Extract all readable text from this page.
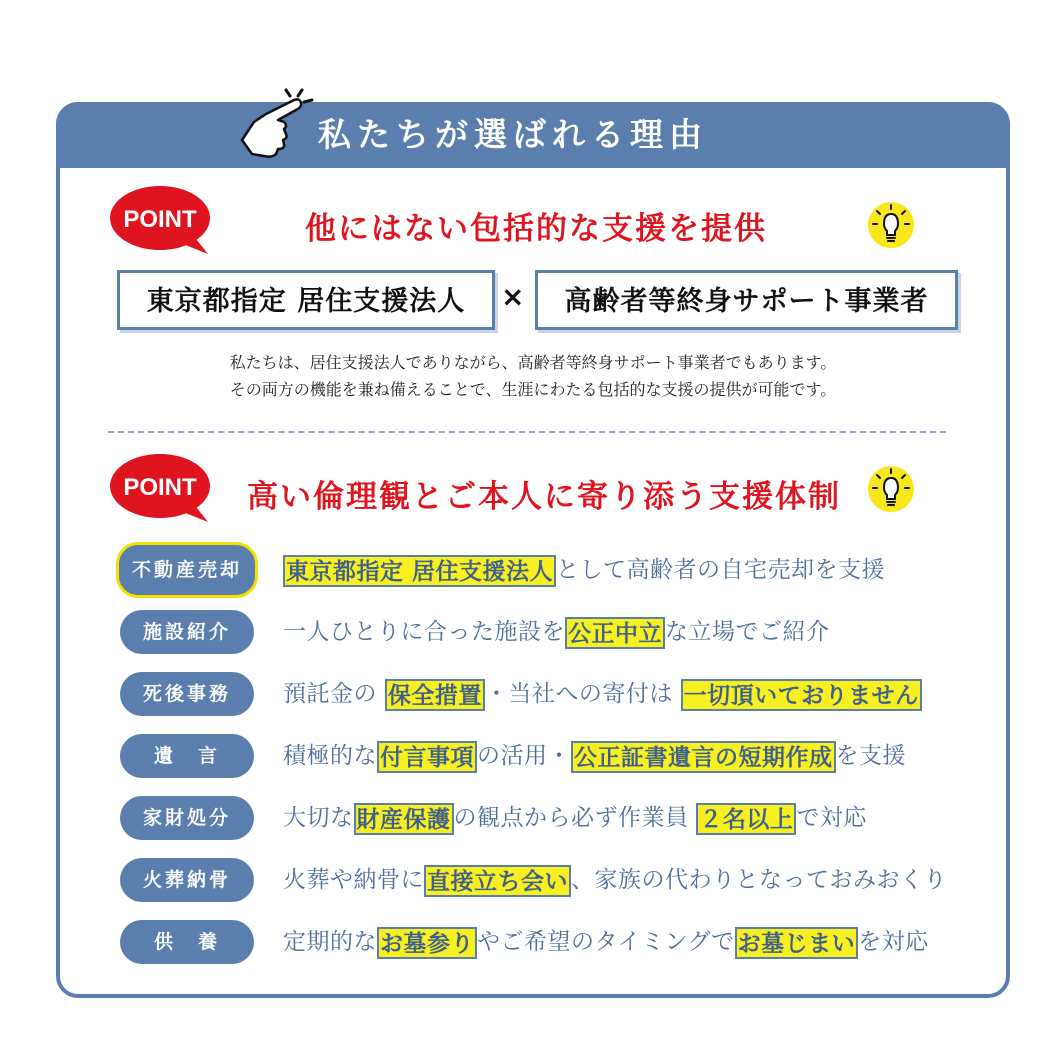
私たちが選ばれる理由
POINT	他にはない包括的な支援を提供
東京都指定 居住支援法人	×	高齢者等終身サポート事業者
私たちは、居住支援法人でありながら、高齢者等終身サポート事業者でもあります。
その両方の機能を兼ね備えることで、生涯にわたる包括的な支援の提供が可能です。
POINT 高い倫理観とご本人に寄り添う支援体制
不動産売却	東京都指定 居住支援法人 として高齢者の自宅売却を支援
施設紹介	一人ひとりに合った施設を 公正中立 な立場でご紹介
死後事務	預託金の 保全措置 ・当社への寄付は 一切頂いておりません
遺　言	積極的な 付言事項 の活用・ 公正証書遺言の短期作成 を支援
家財処分	大切な 財産保護 の観点から必ず作業員 ２名以上 で対応
火葬納骨	火葬や納骨に 直接立ち会い 、家族の代わりとなっておみおくり
供　養	定期的な お墓参り やご希望のタイミングで お墓じまい を対応
